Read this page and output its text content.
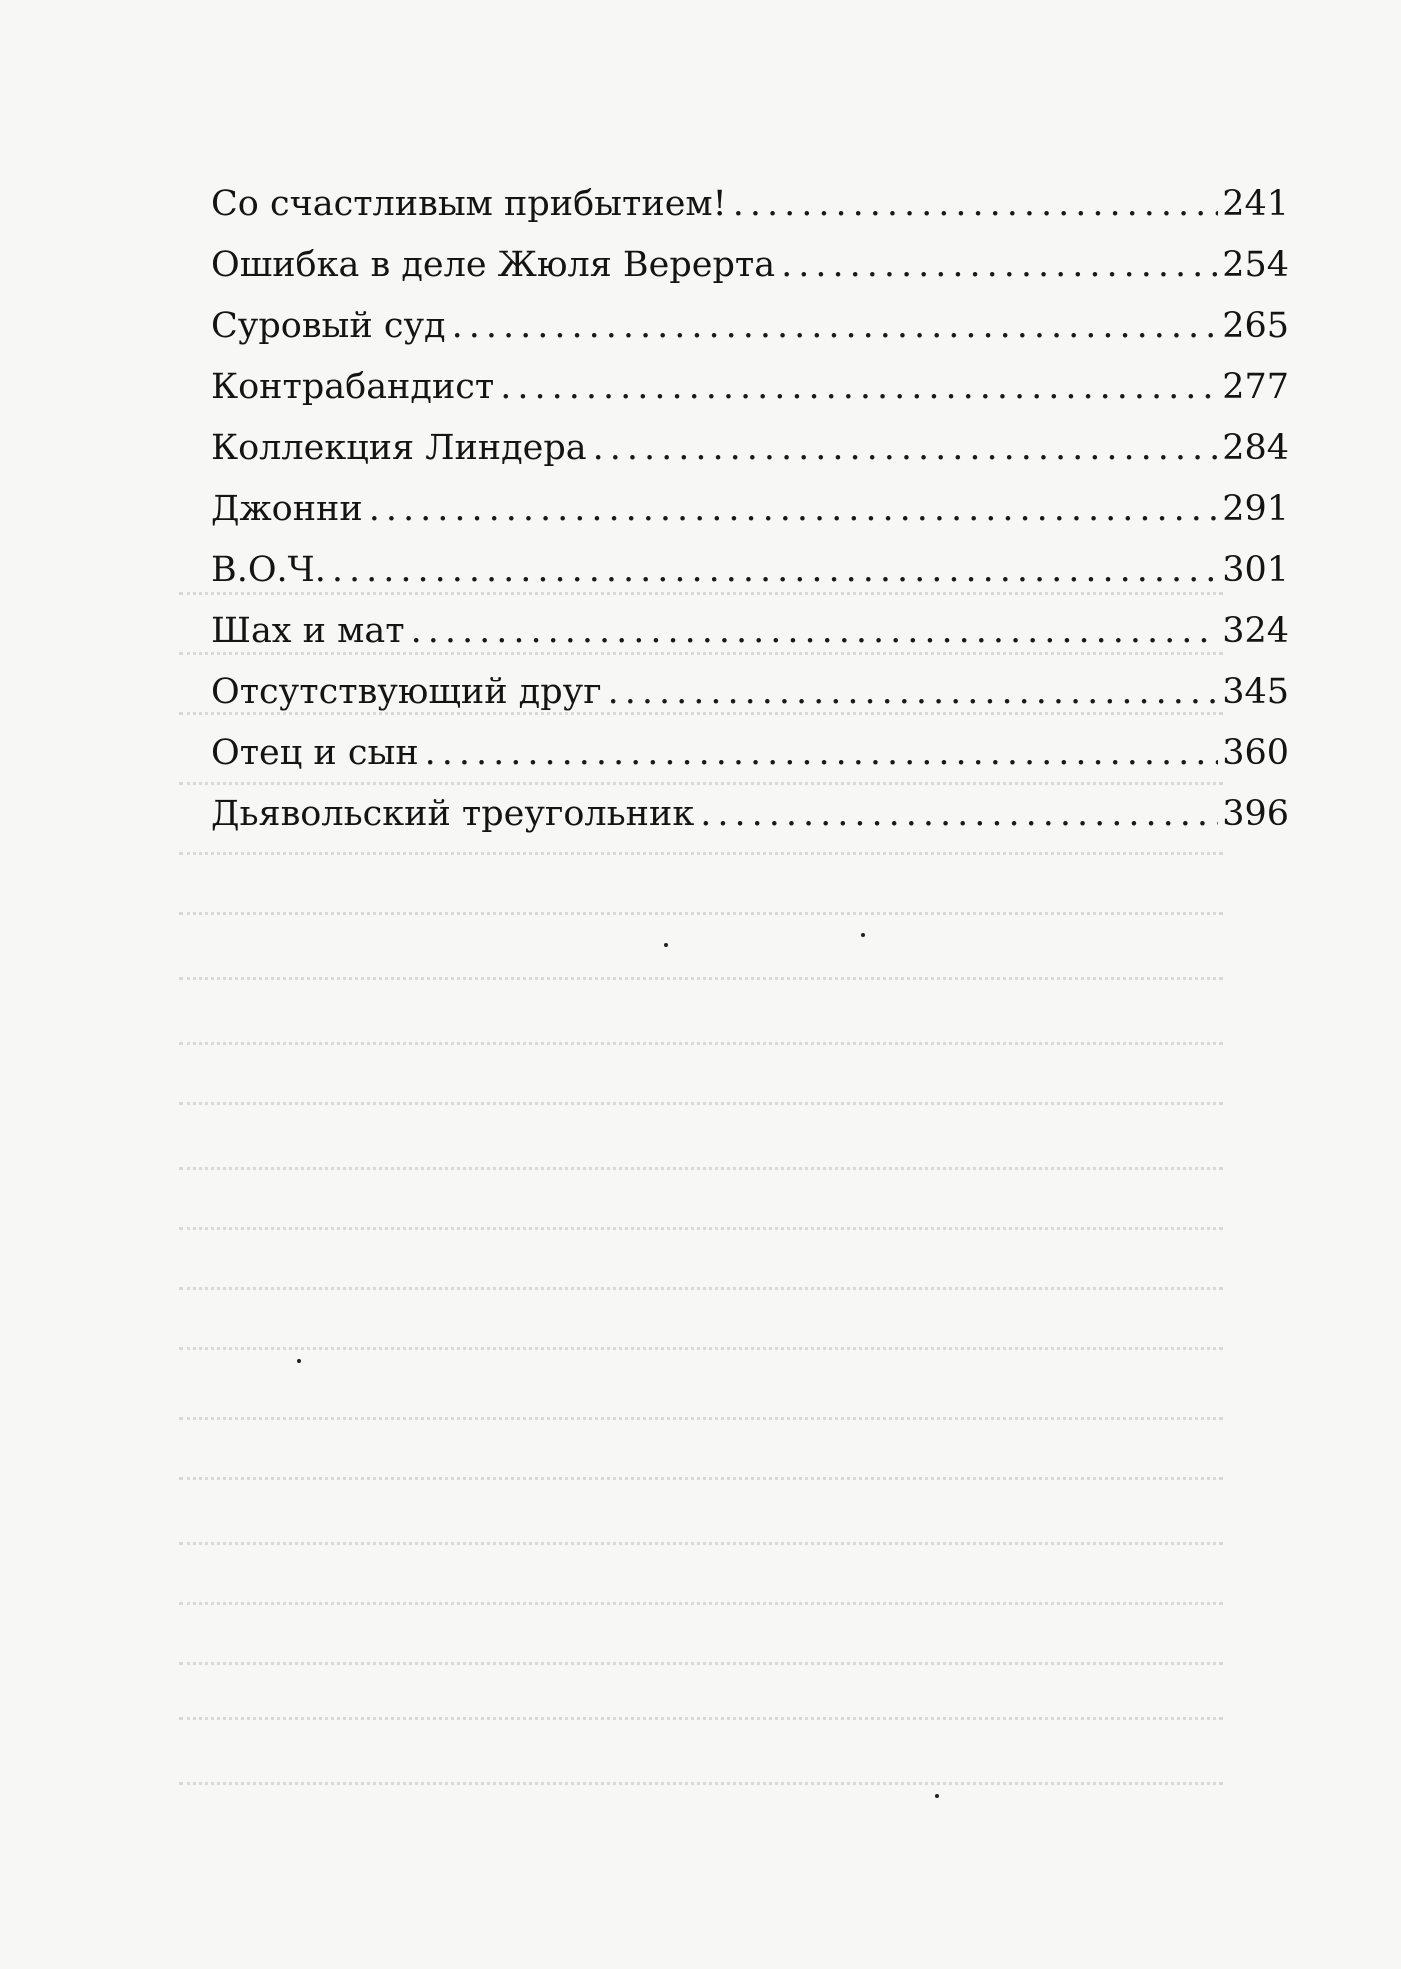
Со счастливым прибытием! .....	241
Ошибка в деле Жюля Верерта .....	254
Суровый суд .....	265
Контрабандист .....	277
Коллекция Линдера .....	284
Джонни .....	291
В.О.Ч. .....	301
Шах и мат .....	324
Отсутствующий друг .....	345
Отец и сын .....	360
Дьявольский треугольник .....	396
